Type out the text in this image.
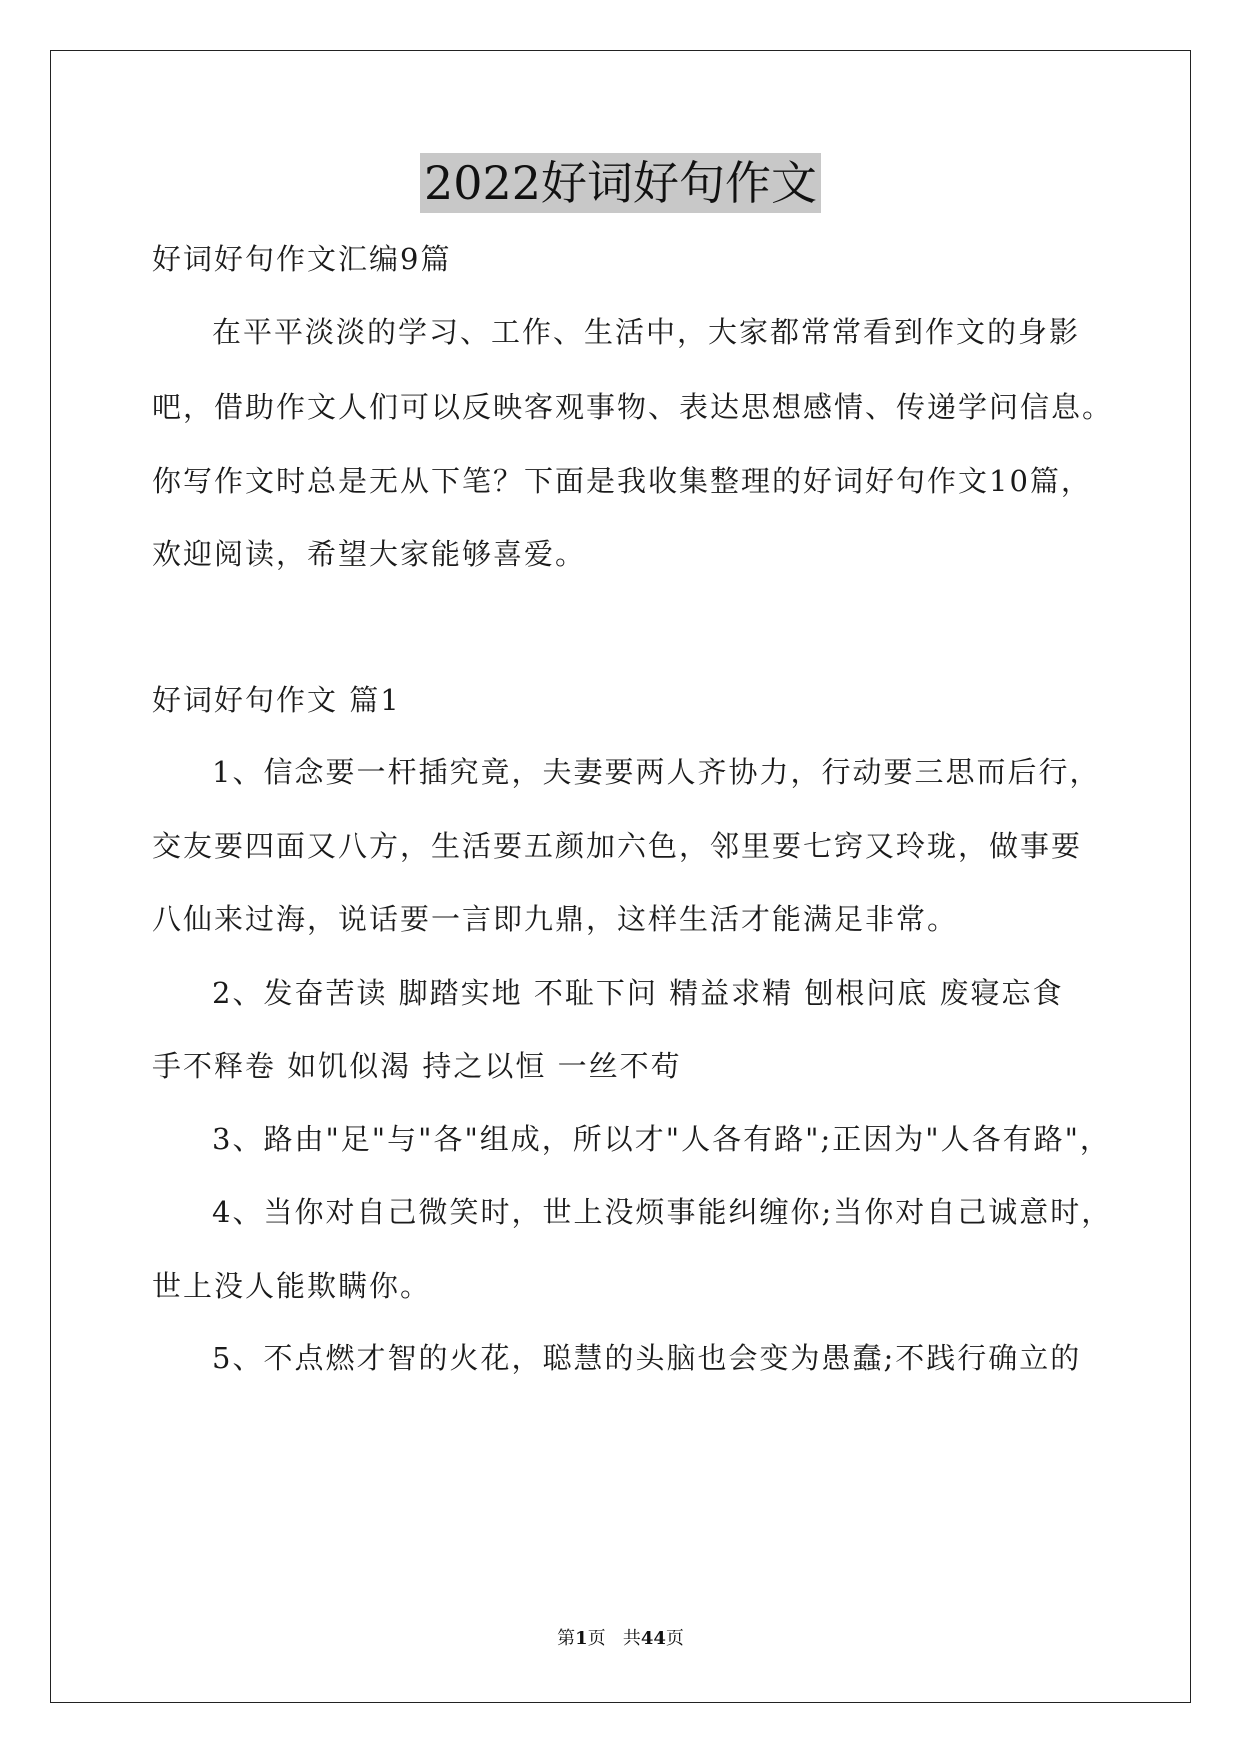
2022好词好句作文
好词好句作文汇编9篇
在平平淡淡的学习、工作、生活中，大家都常常看到作文的身影
吧，借助作文人们可以反映客观事物、表达思想感情、传递学问信息。
你写作文时总是无从下笔？下面是我收集整理的好词好句作文10篇，
欢迎阅读，希望大家能够喜爱。
好词好句作文 篇1
1、信念要一杆插究竟，夫妻要两人齐协力，行动要三思而后行，
交友要四面又八方，生活要五颜加六色，邻里要七窍又玲珑，做事要
八仙来过海，说话要一言即九鼎，这样生活才能满足非常。
2、发奋苦读 脚踏实地 不耻下问 精益求精 刨根问底 废寝忘食
手不释卷 如饥似渴 持之以恒 一丝不苟
3、路由"足"与"各"组成，所以才"人各有路";正因为"人各有路"，
4、当你对自己微笑时，世上没烦事能纠缠你;当你对自己诚意时，
世上没人能欺瞒你。
5、不点燃才智的火花，聪慧的头脑也会变为愚蠢;不践行确立的
第1页 共44页
